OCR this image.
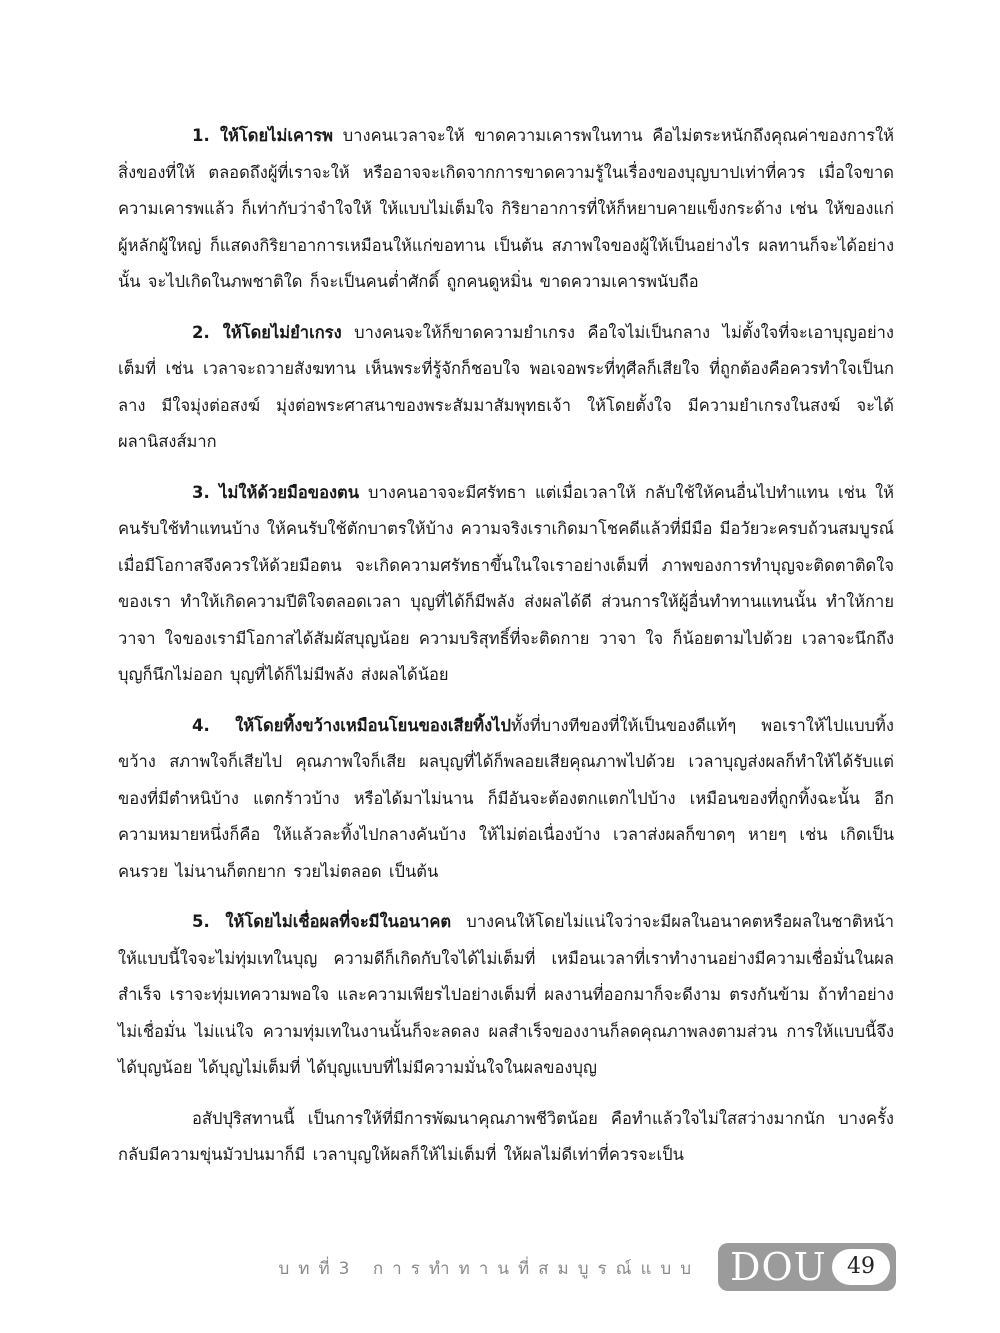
1. ให้โดยไม่เคารพ บางคนเวลาจะให้ ขาดความเคารพในทาน คือไม่ตระหนักถึงคุณค่าของการให้ สิ่งของที่ให้ ตลอดถึงผู้ที่เราจะให้ หรืออาจจะเกิดจากการขาดความรู้ในเรื่องของบุญบาปเท่าที่ควร เมื่อใจขาดความเคารพแล้ว ก็เท่ากับว่าจำใจให้ ให้แบบไม่เต็มใจ กิริยาอาการที่ให้ก็หยาบคายแข็งกระด้าง เช่น ให้ของแก่ผู้หลักผู้ใหญ่ ก็แสดงกิริยาอาการเหมือนให้แก่ขอทาน เป็นต้น สภาพใจของผู้ให้เป็นอย่างไร ผลทานก็จะได้อย่างนั้น จะไปเกิดในภพชาติใด ก็จะเป็นคนต่ำศักดิ์ ถูกคนดูหมิ่น ขาดความเคารพนับถือ

2. ให้โดยไม่ยำเกรง บางคนจะให้ก็ขาดความยำเกรง คือใจไม่เป็นกลาง ไม่ตั้งใจที่จะเอาบุญอย่างเต็มที่ เช่น เวลาจะถวายสังฆทาน เห็นพระที่รู้จักก็ชอบใจ พอเจอพระที่ทุศีลก็เสียใจ ที่ถูกต้องคือควรทำใจเป็นกลาง มีใจมุ่งต่อสงฆ์ มุ่งต่อพระศาสนาของพระสัมมาสัมพุทธเจ้า ให้โดยตั้งใจ มีความยำเกรงในสงฆ์ จะได้ผลานิสงส์มาก

3. ไม่ให้ด้วยมือของตน บางคนอาจจะมีศรัทธา แต่เมื่อเวลาให้ กลับใช้ให้คนอื่นไปทำแทน เช่น ให้คนรับใช้ทำแทนบ้าง ให้คนรับใช้ตักบาตรให้บ้าง ความจริงเราเกิดมาโชคดีแล้วที่มีมือ มีอวัยวะครบถ้วนสมบูรณ์ เมื่อมีโอกาสจึงควรให้ด้วยมือตน จะเกิดความศรัทธาขึ้นในใจเราอย่างเต็มที่ ภาพของการทำบุญจะติดตาติดใจของเรา ทำให้เกิดความปีติใจตลอดเวลา บุญที่ได้ก็มีพลัง ส่งผลได้ดี ส่วนการให้ผู้อื่นทำทานแทนนั้น ทำให้กาย วาจา ใจของเรามีโอกาสได้สัมผัสบุญน้อย ความบริสุทธิ์ที่จะติดกาย วาจา ใจ ก็น้อยตามไปด้วย เวลาจะนึกถึงบุญก็นึกไม่ออก บุญที่ได้ก็ไม่มีพลัง ส่งผลได้น้อย

4. ให้โดยทิ้งขว้างเหมือนโยนของเสียทิ้งไปทั้งที่บางทีของที่ให้เป็นของดีแท้ๆ พอเราให้ไปแบบทิ้งขว้าง สภาพใจก็เสียไป คุณภาพใจก็เสีย ผลบุญที่ได้ก็พลอยเสียคุณภาพไปด้วย เวลาบุญส่งผลก็ทำให้ได้รับแต่ของที่มีตำหนิบ้าง แตกร้าวบ้าง หรือได้มาไม่นาน ก็มีอันจะต้องตกแตกไปบ้าง เหมือนของที่ถูกทิ้งฉะนั้น อีกความหมายหนึ่งก็คือ ให้แล้วละทิ้งไปกลางคันบ้าง ให้ไม่ต่อเนื่องบ้าง เวลาส่งผลก็ขาดๆ หายๆ เช่น เกิดเป็นคนรวย ไม่นานก็ตกยาก รวยไม่ตลอด เป็นต้น

5. ให้โดยไม่เชื่อผลที่จะมีในอนาคต บางคนให้โดยไม่แน่ใจว่าจะมีผลในอนาคตหรือผลในชาติหน้า ให้แบบนี้ใจจะไม่ทุ่มเทในบุญ ความดีก็เกิดกับใจได้ไม่เต็มที่ เหมือนเวลาที่เราทำงานอย่างมีความเชื่อมั่นในผลสำเร็จ เราจะทุ่มเทความพอใจ และความเพียรไปอย่างเต็มที่ ผลงานที่ออกมาก็จะดีงาม ตรงกันข้าม ถ้าทำอย่างไม่เชื่อมั่น ไม่แน่ใจ ความทุ่มเทในงานนั้นก็จะลดลง ผลสำเร็จของงานก็ลดคุณภาพลงตามส่วน การให้แบบนี้จึงได้บุญน้อย ได้บุญไม่เต็มที่ ได้บุญแบบที่ไม่มีความมั่นใจในผลของบุญ

อสัปปุริสทานนี้ เป็นการให้ที่มีการพัฒนาคุณภาพชีวิตน้อย คือทำแล้วใจไม่ใสสว่างมากนัก บางครั้งกลับมีความขุ่นมัวปนมาก็มี เวลาบุญให้ผลก็ให้ไม่เต็มที่ ให้ผลไม่ดีเท่าที่ควรจะเป็น

บทที่3 การทำทานที่สมบูรณ์แบบ DOU 49
